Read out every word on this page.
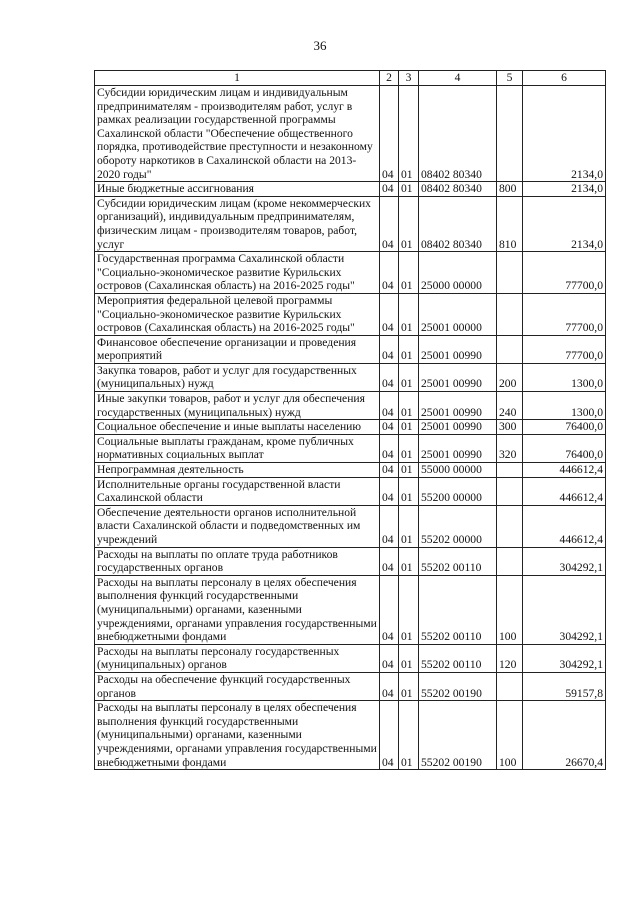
36
1	2	3	4	5	6
Субсидии юридическим лицам и индивидуальным предпринимателям - производителям работ, услуг в рамках реализации государственной программы Сахалинской области "Обеспечение общественного порядка, противодействие преступности и незаконному обороту наркотиков в Сахалинской области на 2013-2020 годы"	04	01	08402 80340		2134,0
Иные бюджетные ассигнования	04	01	08402 80340	800	2134,0
Субсидии юридическим лицам (кроме некоммерческих организаций), индивидуальным предпринимателям, физическим лицам - производителям товаров, работ, услуг	04	01	08402 80340	810	2134,0
Государственная программа Сахалинской области "Социально-экономическое развитие Курильских островов (Сахалинская область) на 2016-2025 годы"	04	01	25000 00000		77700,0
Мероприятия федеральной целевой программы "Социально-экономическое развитие Курильских островов (Сахалинская область) на 2016-2025 годы"	04	01	25001 00000		77700,0
Финансовое обеспечение организации и проведения мероприятий	04	01	25001 00990		77700,0
Закупка товаров, работ и услуг для государственных (муниципальных) нужд	04	01	25001 00990	200	1300,0
Иные закупки товаров, работ и услуг для обеспечения государственных (муниципальных) нужд	04	01	25001 00990	240	1300,0
Социальное обеспечение и иные выплаты населению	04	01	25001 00990	300	76400,0
Социальные выплаты гражданам, кроме публичных нормативных социальных выплат	04	01	25001 00990	320	76400,0
Непрограммная деятельность	04	01	55000 00000		446612,4
Исполнительные органы государственной власти Сахалинской области	04	01	55200 00000		446612,4
Обеспечение деятельности органов исполнительной власти Сахалинской области и подведомственных им учреждений	04	01	55202 00000		446612,4
Расходы на выплаты по оплате труда работников государственных органов	04	01	55202 00110		304292,1
Расходы на выплаты персоналу в целях обеспечения выполнения функций государственными (муниципальными) органами, казенными учреждениями, органами управления государственными внебюджетными фондами	04	01	55202 00110	100	304292,1
Расходы на выплаты персоналу государственных (муниципальных) органов	04	01	55202 00110	120	304292,1
Расходы на обеспечение функций государственных органов	04	01	55202 00190		59157,8
Расходы на выплаты персоналу в целях обеспечения выполнения функций государственными (муниципальными) органами, казенными учреждениями, органами управления государственными внебюджетными фондами	04	01	55202 00190	100	26670,4
